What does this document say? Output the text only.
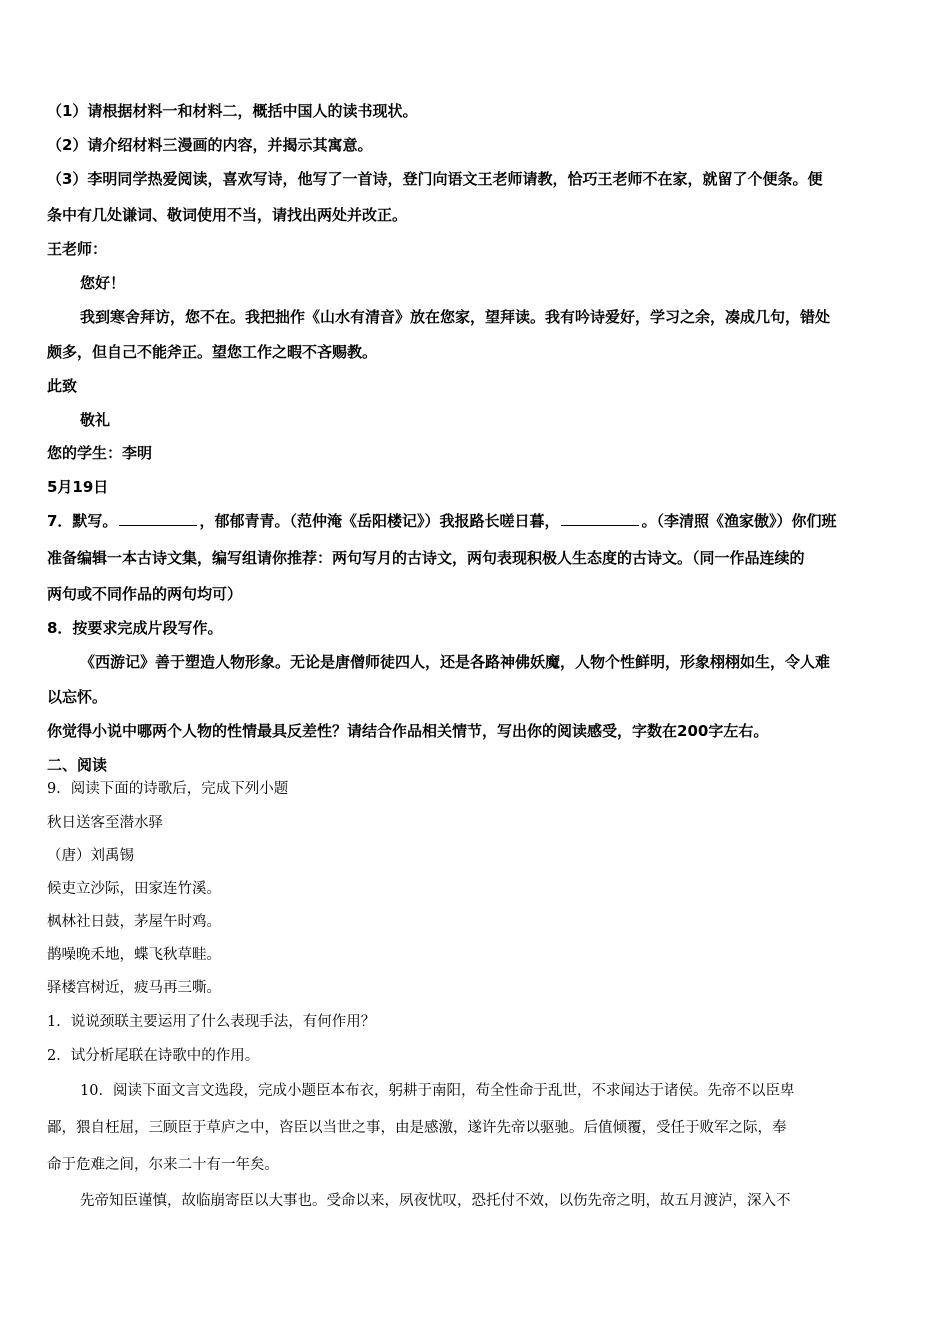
（1）请根据材料一和材料二，概括中国人的读书现状。
（2）请介绍材料三漫画的内容，并揭示其寓意。
（3）李明同学热爱阅读，喜欢写诗，他写了一首诗，登门向语文王老师请教，恰巧王老师不在家，就留了个便条。便
条中有几处谦词、敬词使用不当，请找出两处并改正。
王老师：
您好！
我到寒舍拜访，您不在。我把拙作《山水有清音》放在您家，望拜读。我有吟诗爱好，学习之余，凑成几句，错处
颇多，但自己不能斧正。望您工作之暇不吝赐教。
此致
敬礼
您的学生：李明
5月19日
7．默写。	，郁郁青青。（范仲淹《岳阳楼记》）我报路长嗟日暮，	。（李清照《渔家傲》）你们班
准备编辑一本古诗文集，编写组请你推荐：两句写月的古诗文，两句表现积极人生态度的古诗文。（同一作品连续的
两句或不同作品的两句均可）
8．按要求完成片段写作。
《西游记》善于塑造人物形象。无论是唐僧师徒四人，还是各路神佛妖魔，人物个性鲜明，形象栩栩如生，令人难
以忘怀。
你觉得小说中哪两个人物的性情最具反差性？请结合作品相关情节，写出你的阅读感受，字数在200字左右。
二、阅读
9．阅读下面的诗歌后，完成下列小题
秋日送客至潜水驿
（唐）刘禹锡
候吏立沙际，田家连竹溪。
枫林社日鼓，茅屋午时鸡。
鹊噪晚禾地，蝶飞秋草畦。
驿楼宫树近，疲马再三嘶。
1．说说颈联主要运用了什么表现手法，有何作用？
2．试分析尾联在诗歌中的作用。
10．阅读下面文言文选段，完成小题臣本布衣，躬耕于南阳，苟全性命于乱世，不求闻达于诸侯。先帝不以臣卑
鄙，猥自枉屈，三顾臣于草庐之中，咨臣以当世之事，由是感激，遂许先帝以驱驰。后值倾覆，受任于败军之际，奉
命于危难之间，尔来二十有一年矣。
先帝知臣谨慎，故临崩寄臣以大事也。受命以来，夙夜忧叹，恐托付不效，以伤先帝之明，故五月渡泸，深入不
